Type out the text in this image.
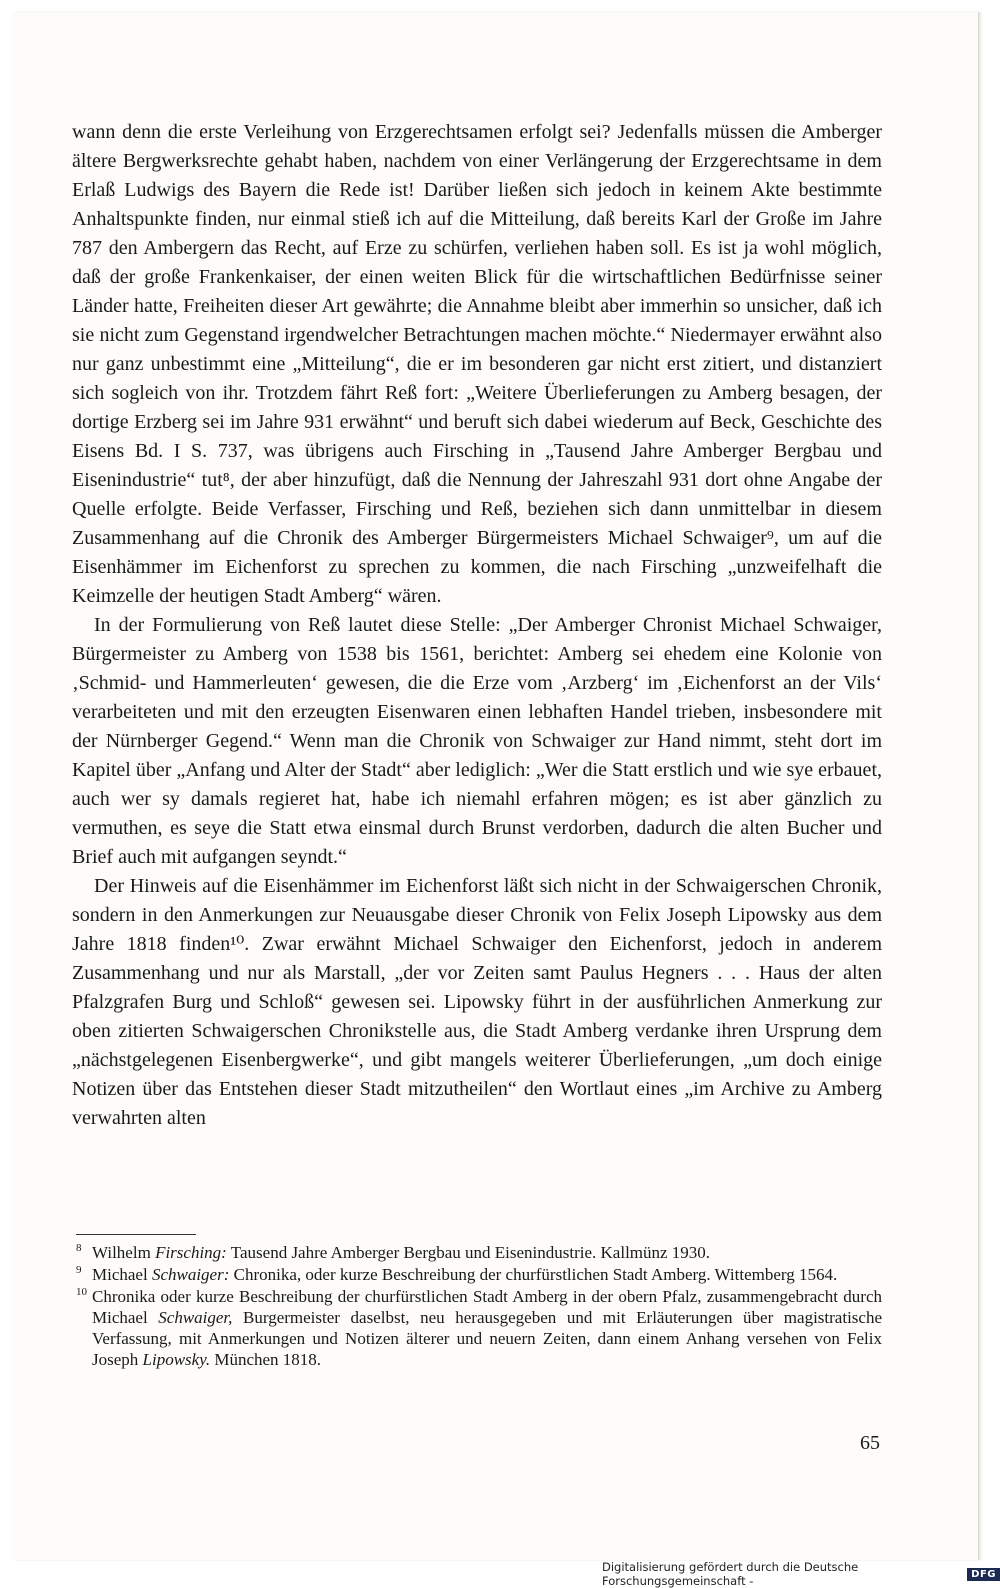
wann denn die erste Verleihung von Erzgerechtsamen erfolgt sei? Jedenfalls müssen die Amberger ältere Bergwerksrechte gehabt haben, nachdem von einer Verlängerung der Erzgerechtsame in dem Erlaß Ludwigs des Bayern die Rede ist! Darüber ließen sich jedoch in keinem Akte bestimmte Anhaltspunkte finden, nur einmal stieß ich auf die Mitteilung, daß bereits Karl der Große im Jahre 787 den Ambergern das Recht, auf Erze zu schürfen, verliehen haben soll. Es ist ja wohl möglich, daß der große Frankenkaiser, der einen weiten Blick für die wirtschaftlichen Bedürfnisse seiner Länder hatte, Freiheiten dieser Art gewährte; die Annahme bleibt aber immerhin so unsicher, daß ich sie nicht zum Gegenstand irgendwelcher Betrachtungen machen möchte.“ Niedermayer erwähnt also nur ganz unbestimmt eine „Mitteilung“, die er im besonderen gar nicht erst zitiert, und distanziert sich sogleich von ihr. Trotzdem fährt Reß fort: „Weitere Überlieferungen zu Amberg besagen, der dortige Erzberg sei im Jahre 931 erwähnt“ und beruft sich dabei wiederum auf Beck, Geschichte des Eisens Bd. I S. 737, was übrigens auch Firsching in „Tausend Jahre Amberger Bergbau und Eisenindustrie“ tut⁸, der aber hinzufügt, daß die Nennung der Jahreszahl 931 dort ohne Angabe der Quelle erfolgte. Beide Verfasser, Firsching und Reß, beziehen sich dann unmittelbar in diesem Zusammenhang auf die Chronik des Amberger Bürgermeisters Michael Schwaiger⁹, um auf die Eisenhämmer im Eichenforst zu sprechen zu kommen, die nach Firsching „unzweifelhaft die Keimzelle der heutigen Stadt Amberg“ wären.

In der Formulierung von Reß lautet diese Stelle: „Der Amberger Chronist Michael Schwaiger, Bürgermeister zu Amberg von 1538 bis 1561, berichtet: Amberg sei ehedem eine Kolonie von ‚Schmid- und Hammerleuten‘ gewesen, die die Erze vom ‚Arzberg‘ im ‚Eichenforst an der Vils‘ verarbeiteten und mit den erzeugten Eisenwaren einen lebhaften Handel trieben, insbesondere mit der Nürnberger Gegend.“ Wenn man die Chronik von Schwaiger zur Hand nimmt, steht dort im Kapitel über „Anfang und Alter der Stadt“ aber lediglich: „Wer die Statt erstlich und wie sye erbauet, auch wer sy damals regieret hat, habe ich niemahl erfahren mögen; es ist aber gänzlich zu vermuthen, es seye die Statt etwa einsmal durch Brunst verdorben, dadurch die alten Bucher und Brief auch mit aufgangen seyndt.“

Der Hinweis auf die Eisenhämmer im Eichenforst läßt sich nicht in der Schwaigerschen Chronik, sondern in den Anmerkungen zur Neuausgabe dieser Chronik von Felix Joseph Lipowsky aus dem Jahre 1818 finden¹⁰. Zwar erwähnt Michael Schwaiger den Eichenforst, jedoch in anderem Zusammenhang und nur als Marstall, „der vor Zeiten samt Paulus Hegners . . . Haus der alten Pfalzgrafen Burg und Schloß“ gewesen sei. Lipowsky führt in der ausführlichen Anmerkung zur oben zitierten Schwaigerschen Chronikstelle aus, die Stadt Amberg verdanke ihren Ursprung dem „nächstgelegenen Eisenbergwerke“, und gibt mangels weiterer Überlieferungen, „um doch einige Notizen über das Entstehen dieser Stadt mitzutheilen“ den Wortlaut eines „im Archive zu Amberg verwahrten alten

8 Wilhelm Firsching: Tausend Jahre Amberger Bergbau und Eisenindustrie. Kallmünz 1930.

9 Michael Schwaiger: Chronika, oder kurze Beschreibung der churfürstlichen Stadt Amberg. Wittemberg 1564.

10 Chronika oder kurze Beschreibung der churfürstlichen Stadt Amberg in der obern Pfalz, zusammengebracht durch Michael Schwaiger, Burgermeister daselbst, neu herausgegeben und mit Erläuterungen über magistratische Verfassung, mit Anmerkungen und Notizen älterer und neuern Zeiten, dann einem Anhang versehen von Felix Joseph Lipowsky. München 1818.

65
Digitalisierung gefördert durch die Deutsche Forschungsgemeinschaft -	DFG
